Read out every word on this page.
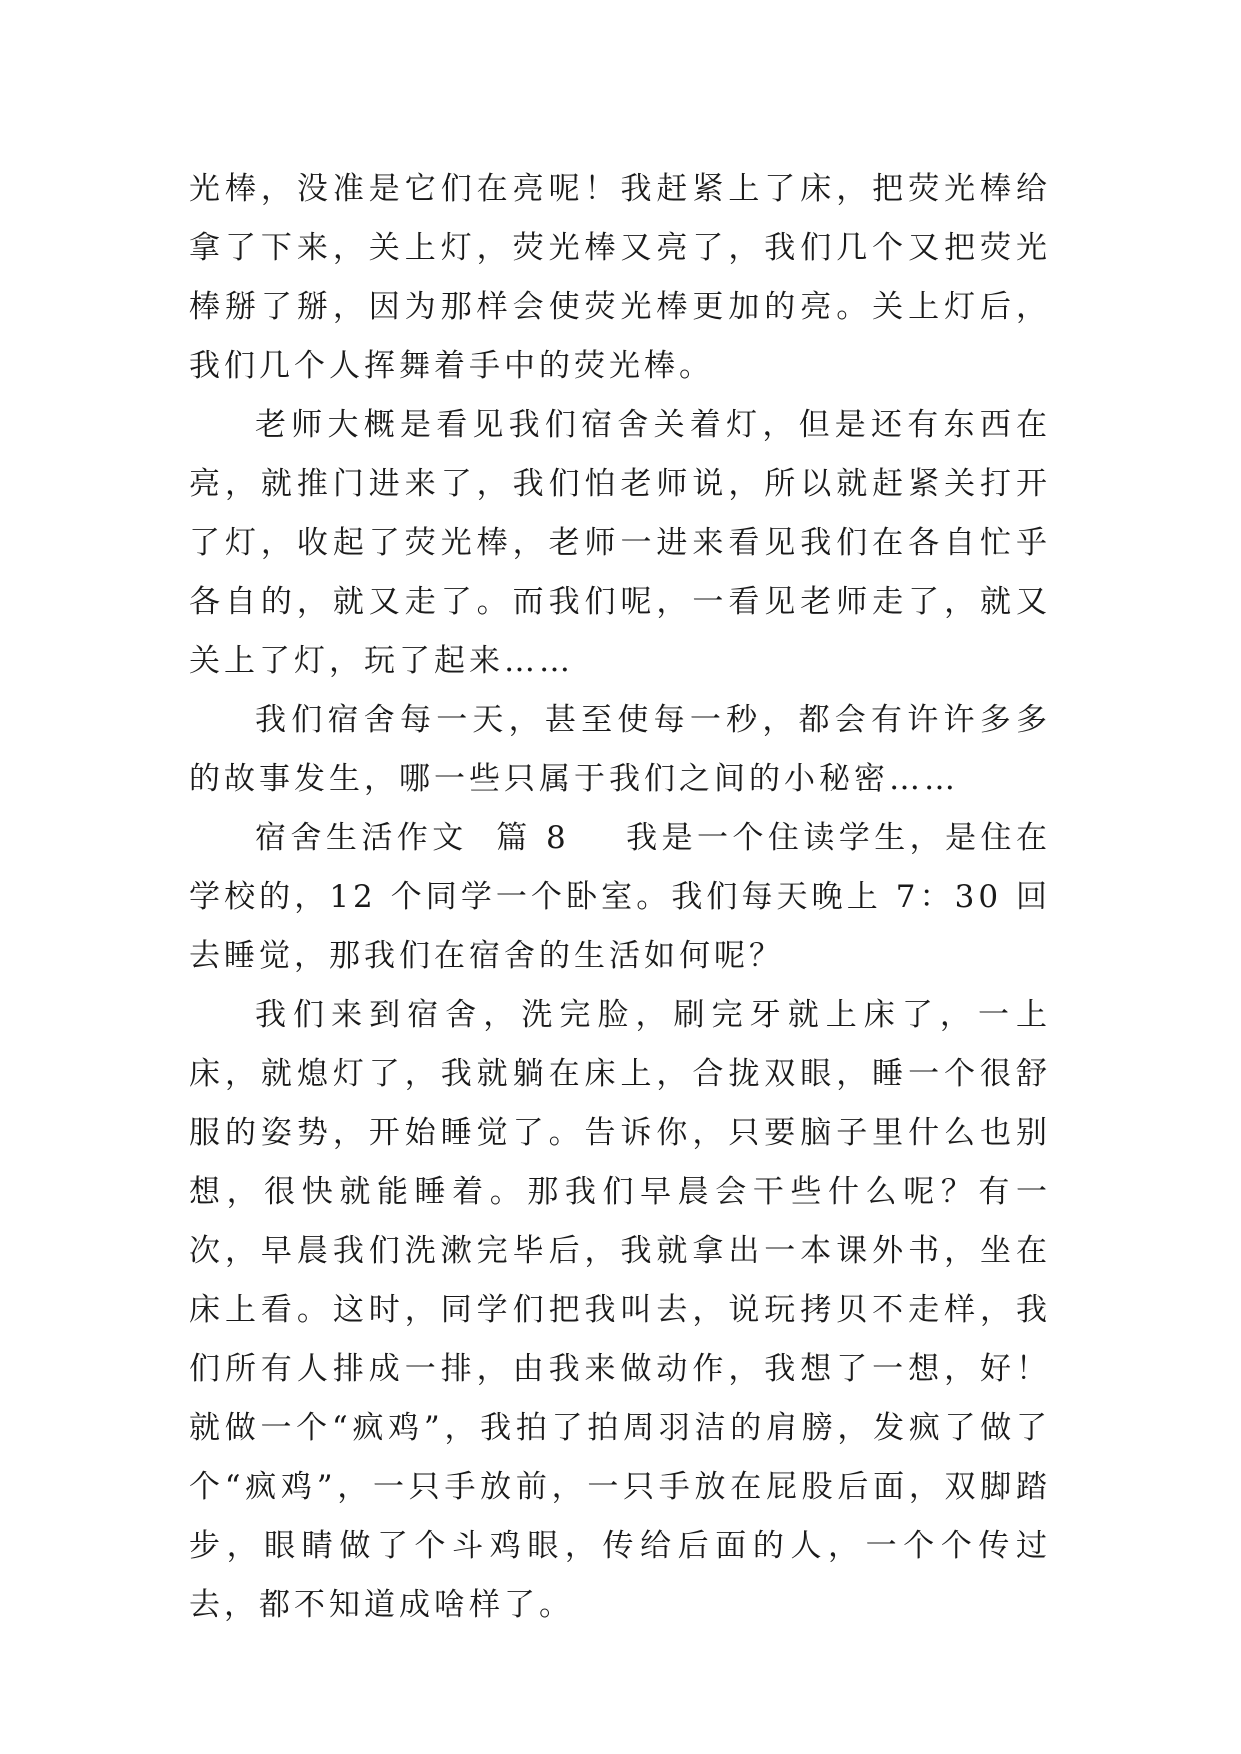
光棒，没准是它们在亮呢！我赶紧上了床，把荧光棒给拿了下来，关上灯，荧光棒又亮了，我们几个又把荧光棒掰了掰，因为那样会使荧光棒更加的亮。关上灯后，我们几个人挥舞着手中的荧光棒。

老师大概是看见我们宿舍关着灯，但是还有东西在亮，就推门进来了，我们怕老师说，所以就赶紧关打开了灯，收起了荧光棒，老师一进来看见我们在各自忙乎各自的，就又走了。而我们呢，一看见老师走了，就又关上了灯，玩了起来……

我们宿舍每一天，甚至使每一秒，都会有许许多多的故事发生，哪一些只属于我们之间的小秘密……

宿舍生活作文  篇 8 我是一个住读学生，是住在学校的，12 个同学一个卧室。我们每天晚上 7：30 回去睡觉，那我们在宿舍的生活如何呢？

我们来到宿舍，洗完脸，刷完牙就上床了，一上床，就熄灯了，我就躺在床上，合拢双眼，睡一个很舒服的姿势，开始睡觉了。告诉你，只要脑子里什么也别想，很快就能睡着。那我们早晨会干些什么呢？有一次，早晨我们洗漱完毕后，我就拿出一本课外书，坐在床上看。这时，同学们把我叫去，说玩拷贝不走样，我们所有人排成一排，由我来做动作，我想了一想，好！就做一个“疯鸡”，我拍了拍周羽洁的肩膀，发疯了做了个“疯鸡”，一只手放前，一只手放在屁股后面，双脚踏步，眼睛做了个斗鸡眼，传给后面的人，一个个传过去，都不知道成啥样了。
